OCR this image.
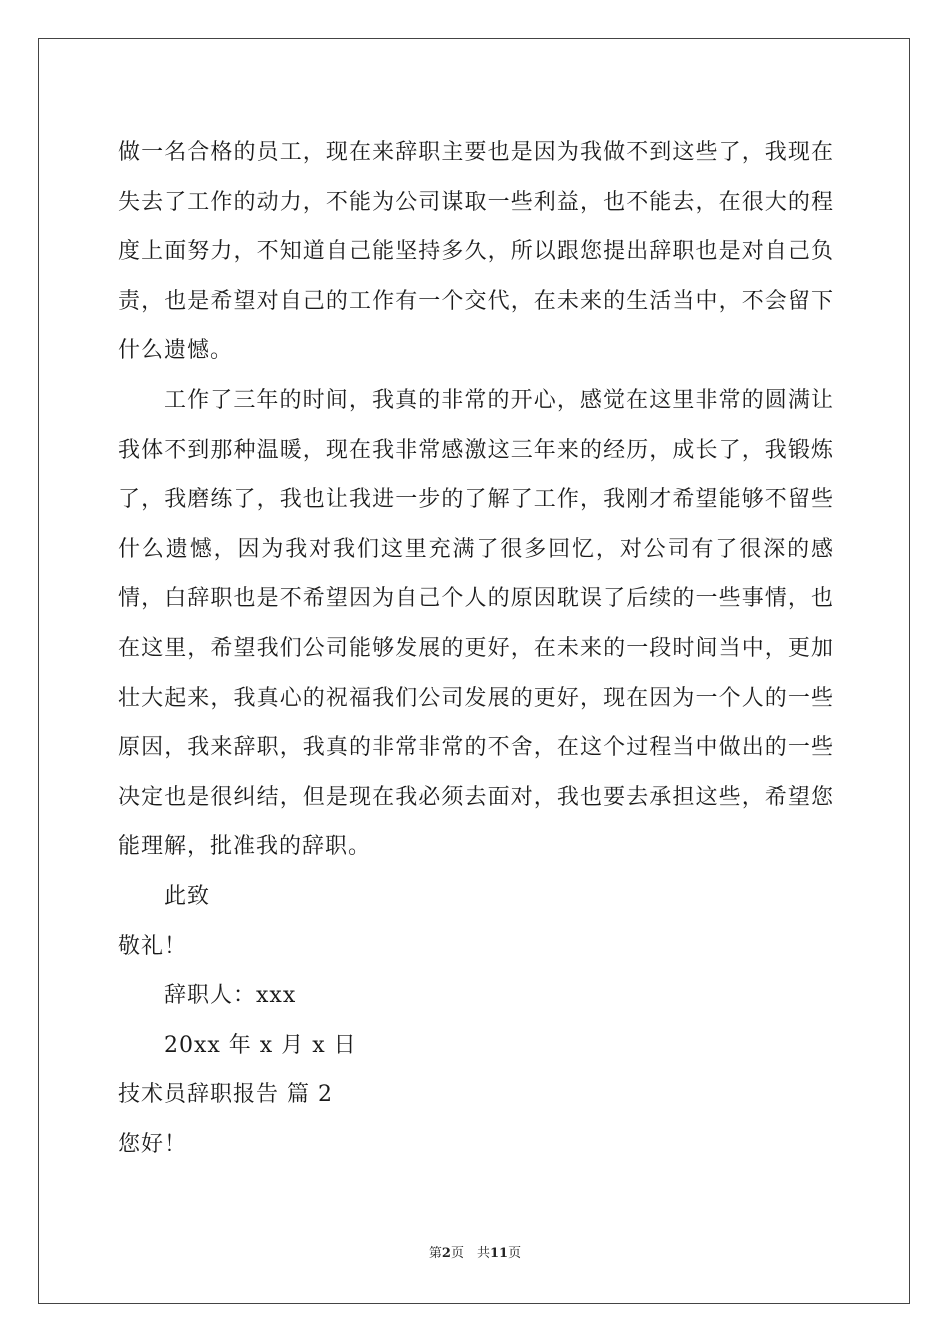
做一名合格的员工，现在来辞职主要也是因为我做不到这些了，我现在失去了工作的动力，不能为公司谋取一些利益，也不能去，在很大的程度上面努力，不知道自己能坚持多久，所以跟您提出辞职也是对自己负责，也是希望对自己的工作有一个交代，在未来的生活当中，不会留下什么遗憾。

工作了三年的时间，我真的非常的开心，感觉在这里非常的圆满让我体不到那种温暖，现在我非常感激这三年来的经历，成长了，我锻炼了，我磨练了，我也让我进一步的了解了工作，我刚才希望能够不留些什么遗憾，因为我对我们这里充满了很多回忆，对公司有了很深的感情，白辞职也是不希望因为自己个人的原因耽误了后续的一些事情，也在这里，希望我们公司能够发展的更好，在未来的一段时间当中，更加壮大起来，我真心的祝福我们公司发展的更好，现在因为一个人的一些原因，我来辞职，我真的非常非常的不舍，在这个过程当中做出的一些决定也是很纠结，但是现在我必须去面对，我也要去承担这些，希望您能理解，批准我的辞职。

此致

敬礼！

辞职人：xxx

20xx 年 x 月 x 日

技术员辞职报告 篇 2

您好！

第2页　共11页
